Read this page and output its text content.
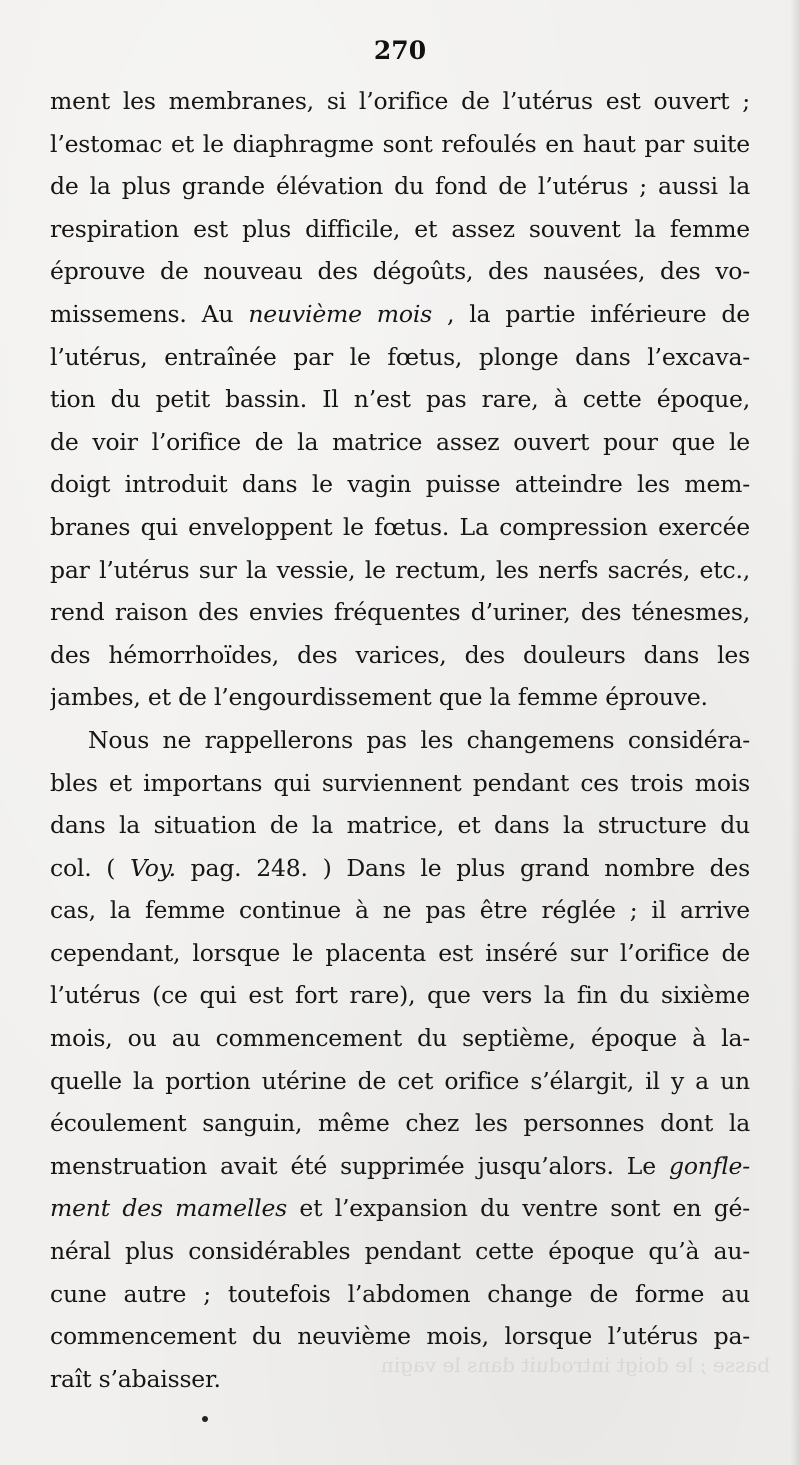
270
ment les membranes, si l’orifice de l’utérus est ouvert ;
l’estomac et le diaphragme sont refoulés en haut par suite
de la plus grande élévation du fond de l’utérus ; aussi la
respiration est plus difficile, et assez souvent la femme
éprouve de nouveau des dégoûts, des nausées, des vo-
missemens. Au neuvième mois , la partie inférieure de
l’utérus, entraînée par le fœtus, plonge dans l’excava-
tion du petit bassin. Il n’est pas rare, à cette époque,
de voir l’orifice de la matrice assez ouvert pour que le
doigt introduit dans le vagin puisse atteindre les mem-
branes qui enveloppent le fœtus. La compression exercée
par l’utérus sur la vessie, le rectum, les nerfs sacrés, etc.,
rend raison des envies fréquentes d’uriner, des ténesmes,
des hémorrhoïdes, des varices, des douleurs dans les
jambes, et de l’engourdissement que la femme éprouve.
Nous ne rappellerons pas les changemens considéra-
bles et importans qui surviennent pendant ces trois mois
dans la situation de la matrice, et dans la structure du
col. ( Voy. pag. 248. ) Dans le plus grand nombre des
cas, la femme continue à ne pas être réglée ; il arrive
cependant, lorsque le placenta est inséré sur l’orifice de
l’utérus (ce qui est fort rare), que vers la fin du sixième
mois, ou au commencement du septième, époque à la-
quelle la portion utérine de cet orifice s’élargit, il y a un
écoulement sanguin, même chez les personnes dont la
menstruation avait été supprimée jusqu’alors. Le gonfle-
ment des mamelles et l’expansion du ventre sont en gé-
néral plus considérables pendant cette époque qu’à au-
cune autre ; toutefois l’abdomen change de forme au
commencement du neuvième mois, lorsque l’utérus pa-
raît s’abaisser.	basse ; le doigt introduit dans le vagin
